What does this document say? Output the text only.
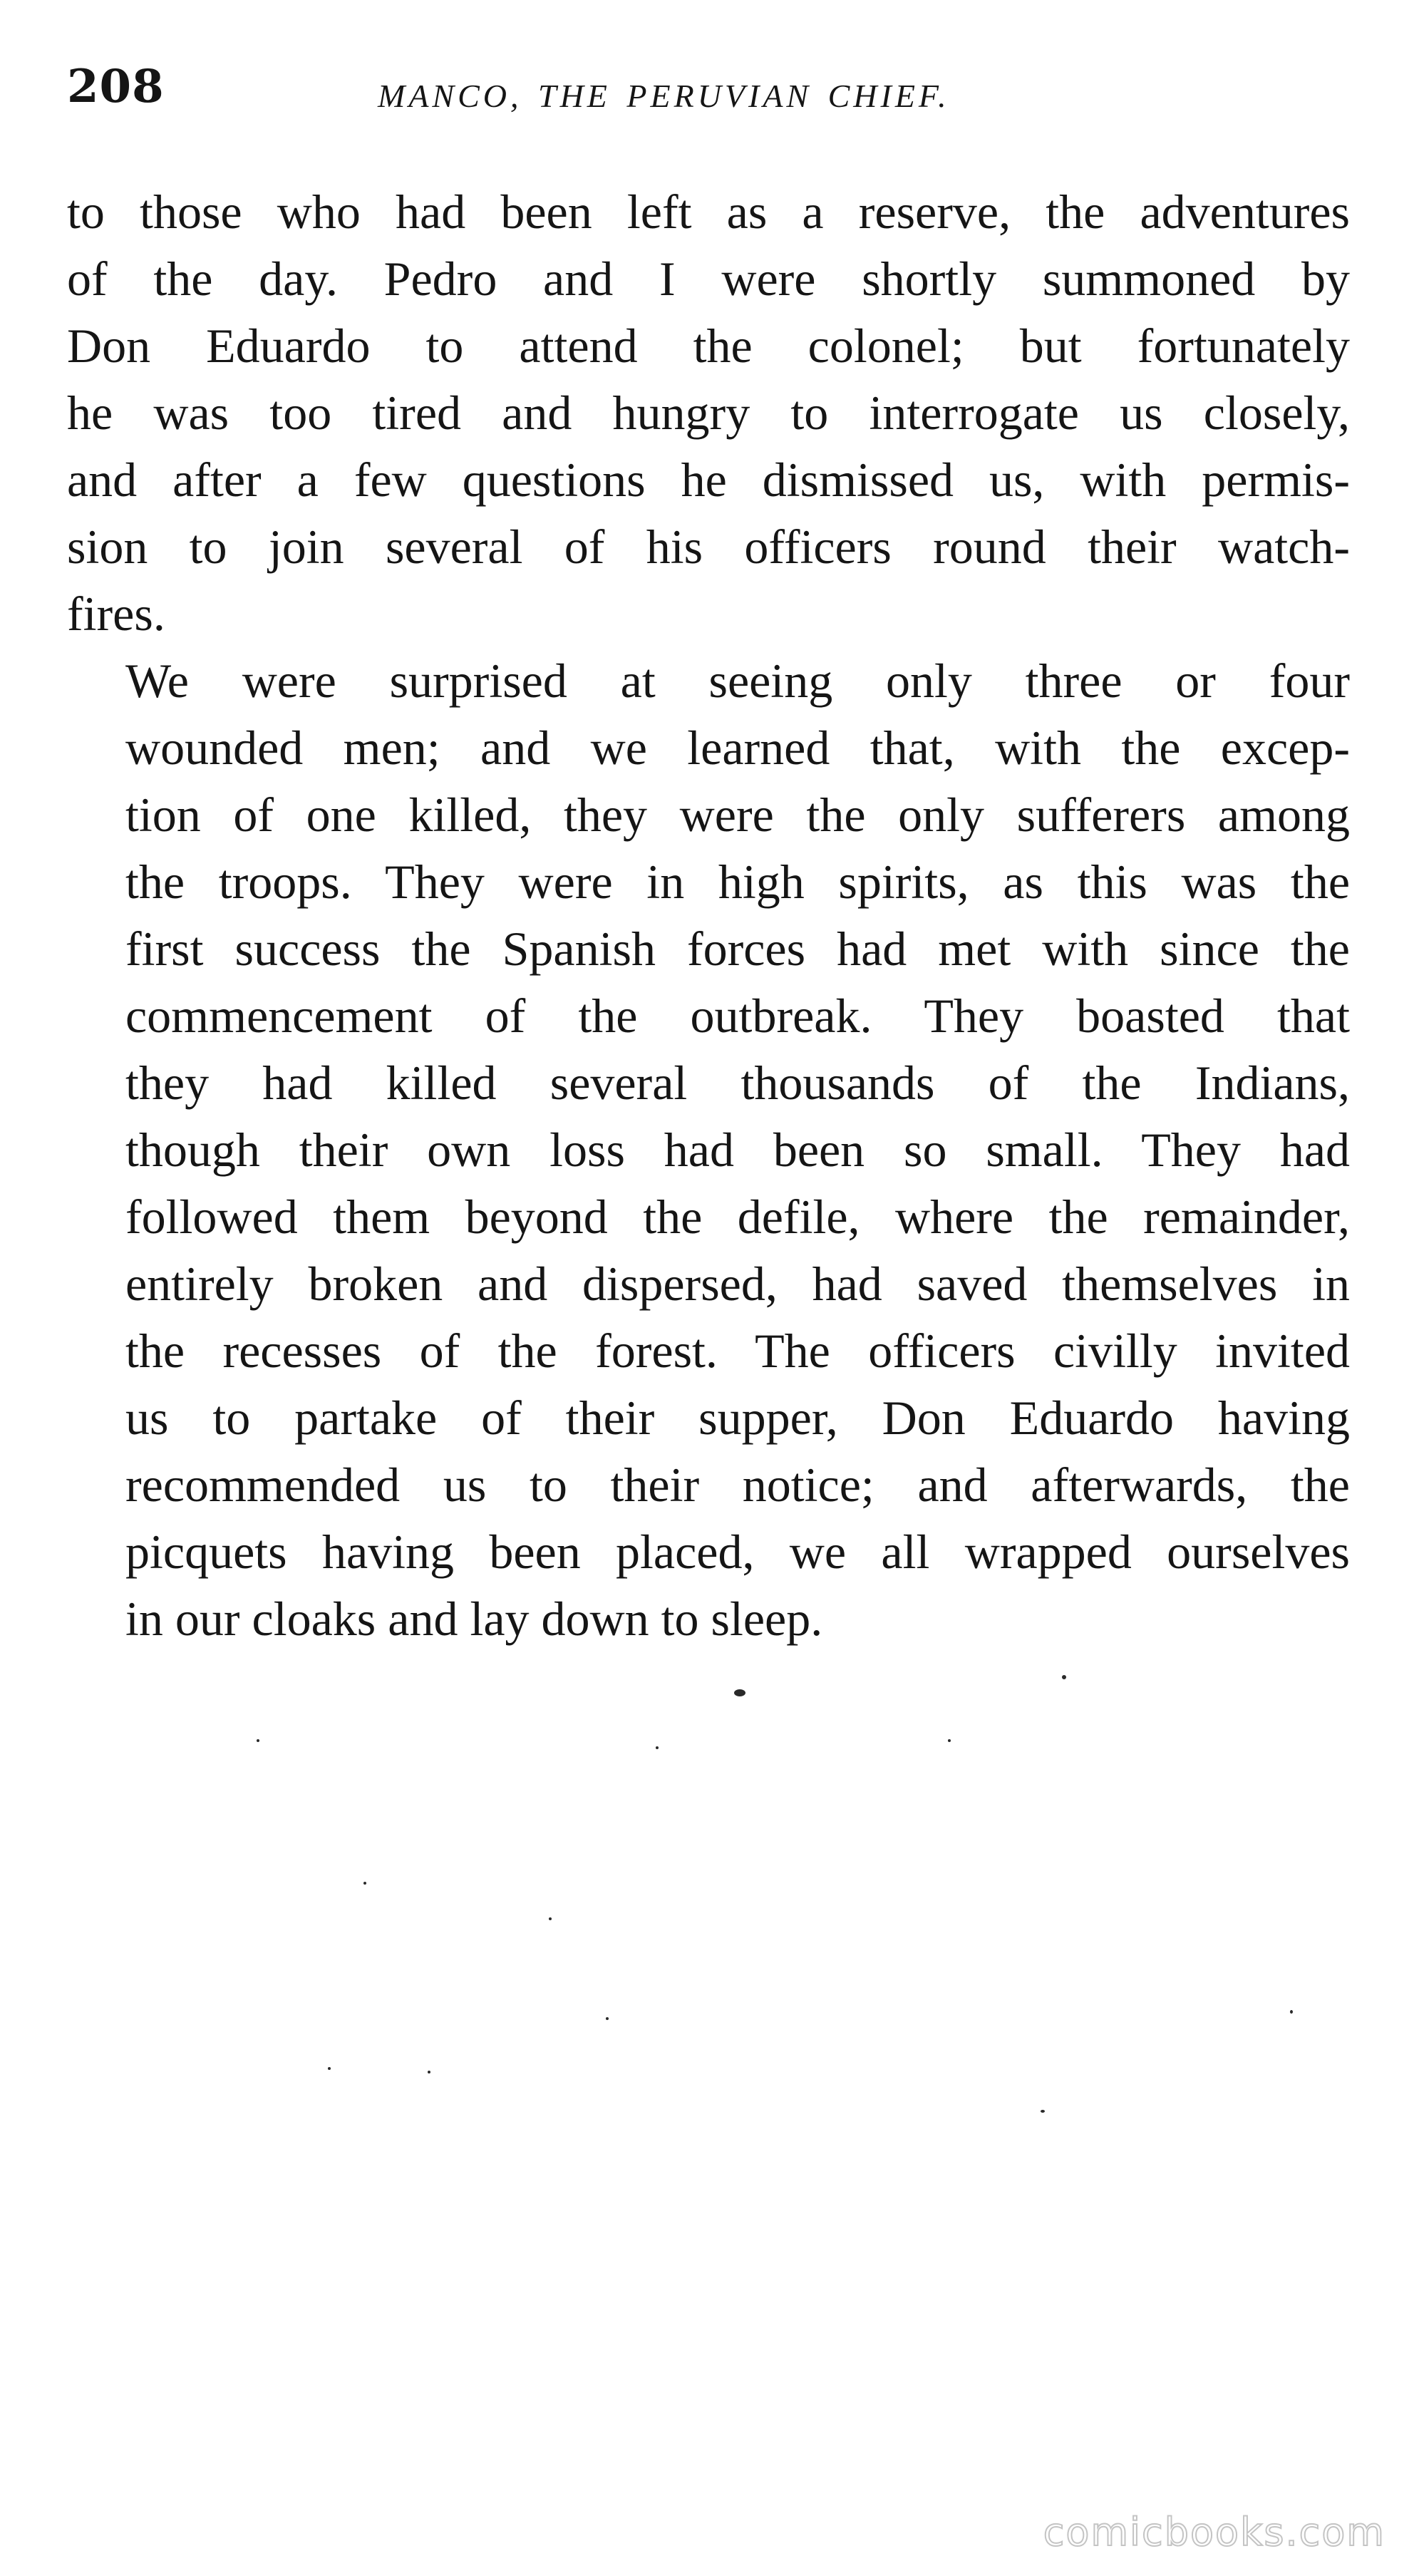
208	MANCO, THE PERUVIAN CHIEF.

to those who had been left as a reserve, the adventures
of the day. Pedro and I were shortly summoned by
Don Eduardo to attend the colonel; but fortunately
he was too tired and hungry to interrogate us closely,
and after a few questions he dismissed us, with permis-
sion to join several of his officers round their watch-
fires.

We were surprised at seeing only three or four
wounded men; and we learned that, with the excep-
tion of one killed, they were the only sufferers among
the troops. They were in high spirits, as this was the
first success the Spanish forces had met with since the
commencement of the outbreak. They boasted that
they had killed several thousands of the Indians,
though their own loss had been so small. They had
followed them beyond the defile, where the remainder,
entirely broken and dispersed, had saved themselves in
the recesses of the forest. The officers civilly invited
us to partake of their supper, Don Eduardo having
recommended us to their notice; and afterwards, the
picquets having been placed, we all wrapped ourselves
in our cloaks and lay down to sleep.

comicbooks.com
